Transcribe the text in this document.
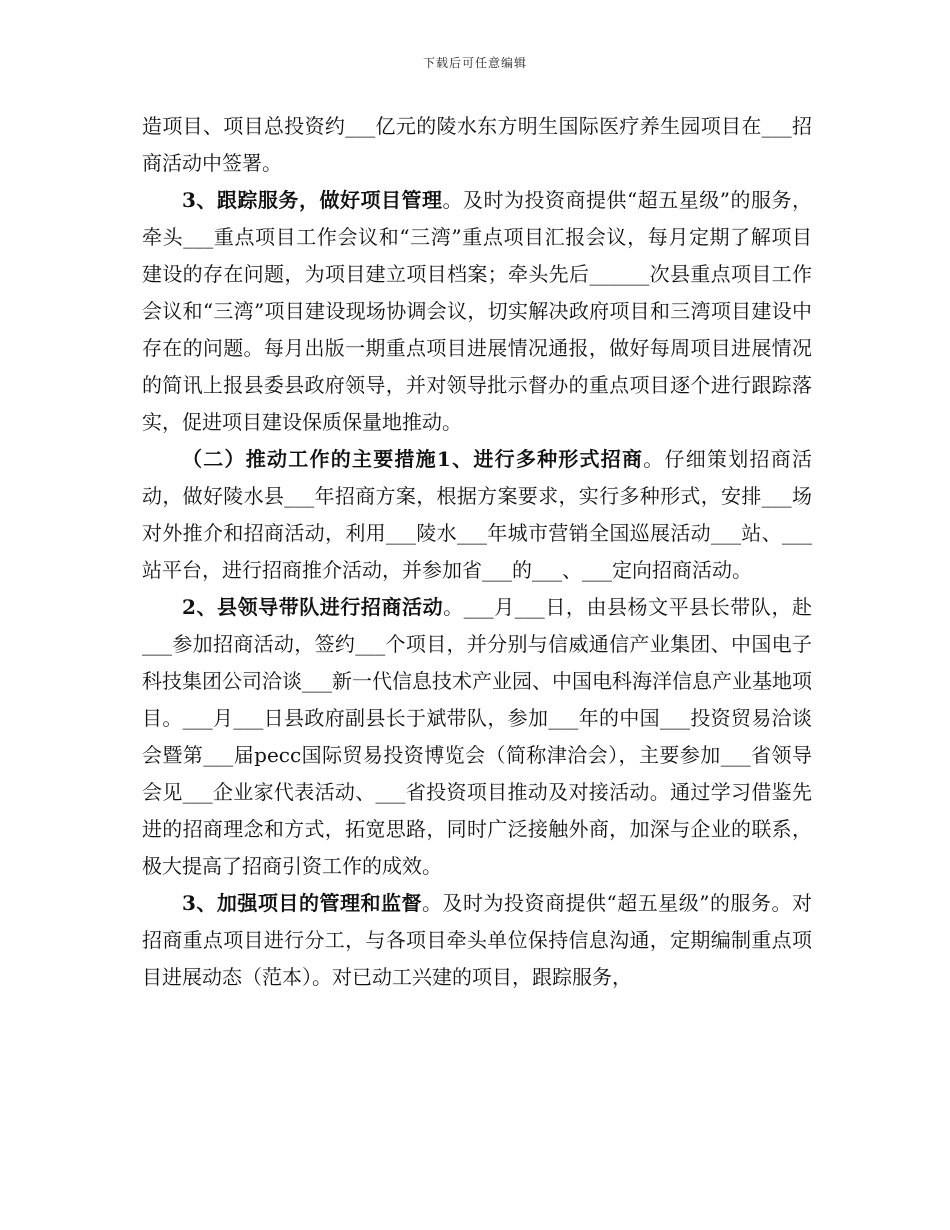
下载后可任意编辑

造项目、项目总投资约___亿元的陵水东方明生国际医疗养生园项目在___招商活动中签署。

3、跟踪服务，做好项目管理。及时为投资商提供“超五星级”的服务，牵头___重点项目工作会议和“三湾”重点项目汇报会议，每月定期了解项目建设的存在问题，为项目建立项目档案；牵头先后______次县重点项目工作会议和“三湾”项目建设现场协调会议，切实解决政府项目和三湾项目建设中存在的问题。每月出版一期重点项目进展情况通报，做好每周项目进展情况的简讯上报县委县政府领导，并对领导批示督办的重点项目逐个进行跟踪落实，促进项目建设保质保量地推动。

（二）推动工作的主要措施1、进行多种形式招商。仔细策划招商活动，做好陵水县___年招商方案，根据方案要求，实行多种形式，安排___场对外推介和招商活动，利用___陵水___年城市营销全国巡展活动___站、___站平台，进行招商推介活动，并参加省___的___、___定向招商活动。

2、县领导带队进行招商活动。___月___日，由县杨文平县长带队，赴___参加招商活动，签约___个项目，并分别与信威通信产业集团、中国电子科技集团公司洽谈___新一代信息技术产业园、中国电科海洋信息产业基地项目。___月___日县政府副县长于斌带队，参加___年的中国___投资贸易洽谈会暨第___届pecc国际贸易投资博览会（简称津洽会），主要参加___省领导会见___企业家代表活动、___省投资项目推动及对接活动。通过学习借鉴先进的招商理念和方式，拓宽思路，同时广泛接触外商，加深与企业的联系，极大提高了招商引资工作的成效。

3、加强项目的管理和监督。及时为投资商提供“超五星级”的服务。对招商重点项目进行分工，与各项目牵头单位保持信息沟通，定期编制重点项目进展动态（范本）。对已动工兴建的项目，跟踪服务，
